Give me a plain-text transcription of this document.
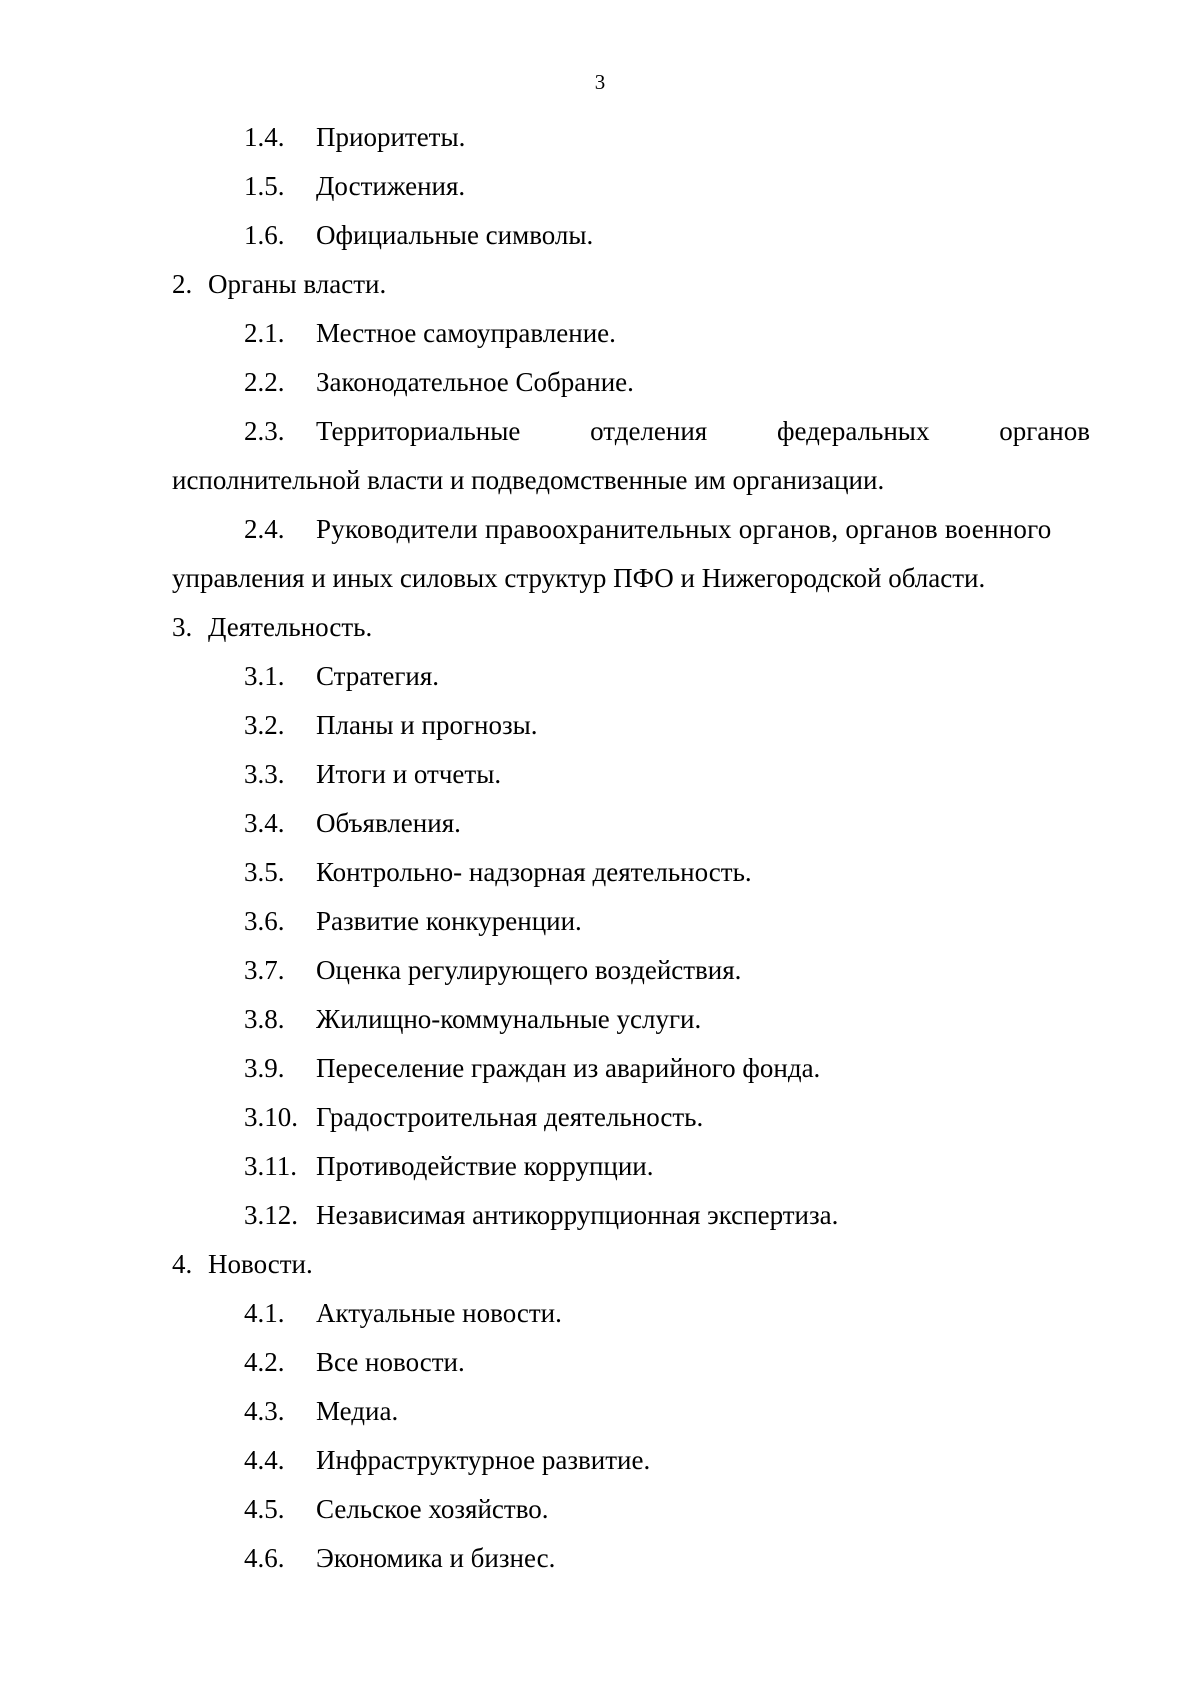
3
1.4. Приоритеты.
1.5. Достижения.
1.6. Официальные символы.
2. Органы власти.
2.1. Местное самоуправление.
2.2. Законодательное Собрание.
2.3. Территориальные	отделения	федеральных	органов
исполнительной власти и подведомственные им организации.
2.4. Руководители правоохранительных органов, органов военного
управления и иных силовых структур ПФО и Нижегородской области.
3. Деятельность.
3.1. Стратегия.
3.2. Планы и прогнозы.
3.3. Итоги и отчеты.
3.4. Объявления.
3.5. Контрольно- надзорная деятельность.
3.6. Развитие конкуренции.
3.7. Оценка регулирующего воздействия.
3.8. Жилищно-коммунальные услуги.
3.9. Переселение граждан из аварийного фонда.
3.10. Градостроительная деятельность.
3.11. Противодействие коррупции.
3.12. Независимая антикоррупционная экспертиза.
4. Новости.
4.1. Актуальные новости.
4.2. Все новости.
4.3. Медиа.
4.4. Инфраструктурное развитие.
4.5. Сельское хозяйство.
4.6. Экономика и бизнес.
